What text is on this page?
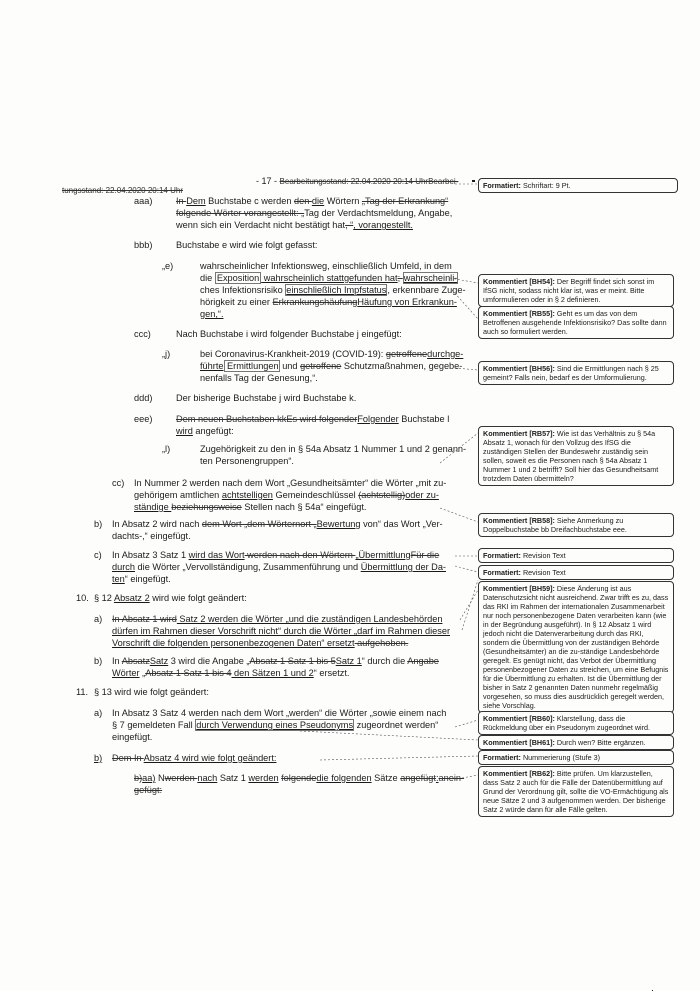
- 17 - Bearbeitungsstand: 22.04.2020 20:14 UhrBearbei-
tungsstand: 22.04.2020 20:14 Uhr
aaa)	In Dem Buchstabe c werden den die Wörtern „Tag der Erkrankung“
folgende Wörter vorangestellt: „Tag der Verdachtsmeldung, Angabe,
wenn sich ein Verdacht nicht bestätigt hat, “, vorangestellt.
bbb)	Buchstabe e wird wie folgt gefasst:
„e)	wahrscheinlicher Infektionsweg, einschließlich Umfeld, in dem
die Exposition wahrscheinlich stattgefunden hat; wahrscheinli-
ches Infektionsrisiko einschließlich Impfstatus, erkennbare Zuge-
hörigkeit zu einer ErkrankungshäufungHäufung von Erkrankun-
gen,“.
ccc)	Nach Buchstabe i wird folgender Buchstabe j eingefügt:
„j)	bei Coronavirus-Krankheit-2019 (COVID-19): getroffenedurchge-
führte Ermittlungen und getroffene Schutzmaßnahmen, gegebe-
nenfalls Tag der Genesung,“.
ddd)	Der bisherige Buchstabe j wird Buchstabe k.
eee)	Dem neuen Buchstaben kkEs wird folgenderFolgender Buchstabe l
wird angefügt:
„l)	Zugehörigkeit zu den in § 54a Absatz 1 Nummer 1 und 2 genann-
ten Personengruppen“.
cc) In Nummer 2 werden nach dem Wort „Gesundheitsämter“ die Wörter „mit zu-
gehörigem amtlichen achtstelligen Gemeindeschlüssel (achtstellig)oder zu-
ständige beziehungsweise Stellen nach § 54a“ eingefügt.
b) In Absatz 2 wird nach dem Wort „dem Wörternort „Bewertung von“ das Wort „Ver-
dachts-,“ eingefügt.
c) In Absatz 3 Satz 1 wird das Wort werden nach den Wörtern „ÜbermittlungFür die
durch die Wörter „Vervollständigung, Zusammenführung und Übermittlung der Da-
ten“ eingefügt.
10. § 12 Absatz 2 wird wie folgt geändert:
a) In Absatz 1 wird Satz 2 werden die Wörter „und die zuständigen Landesbehörden
dürfen im Rahmen dieser Vorschrift nicht“ durch die Wörter „darf im Rahmen dieser
Vorschrift die folgenden personenbezogenen Daten“ ersetzt aufgehoben.
b) In AbsatzSatz 3 wird die Angabe „Absatz 1 Satz 1 bis 5Satz 1“ durch die Angabe
Wörter „Absatz 1 Satz 1 bis 4 den Sätzen 1 und 2“ ersetzt.
11. § 13 wird wie folgt geändert:
a) In Absatz 3 Satz 4 werden nach dem Wort „werden“ die Wörter „sowie einem nach
§ 7 gemeldeten Fall durch Verwendung eines Pseudonyms zugeordnet werden“
eingefügt.
b) Dem In Absatz 4 wird wie folgt geändert:
b)aa) Nwerden nach Satz 1 werden folgendedie folgenden Sätze angefügt:anein-
gefügt:
Formatiert: Schriftart: 9 Pt.
Kommentiert [BH54]: Der Begriff findet sich sonst im IfSG nicht, sodass nicht klar ist, was er meint. Bitte umformulieren oder in § 2 definieren.
Kommentiert [RB55]: Geht es um das von dem Betroffenen ausgehende Infektionsrisiko? Das sollte dann auch so formuliert werden.
Kommentiert [BH56]: Sind die Ermittlungen nach § 25 gemeint? Falls nein, bedarf es der Umformulierung.
Kommentiert [RB57]: Wie ist das Verhältnis zu § 54a Absatz 1, wonach für den Vollzug des IfSG die zuständigen Stellen der Bundeswehr zuständig sein sollen, soweit es die Personen nach § 54a Absatz 1 Nummer 1 und 2 betrifft? Soll hier das Gesundheitsamt trotzdem Daten übermitteln?
Kommentiert [RB58]: Siehe Anmerkung zu Doppelbuchstabe bb Dreifachbuchstabe eee.
Formatiert: Revision Text
Formatiert: Revision Text
Kommentiert [BH59]: Diese Änderung ist aus Datenschutzsicht nicht ausreichend. Zwar trifft es zu, dass das RKI im Rahmen der internationalen Zusammenarbeit nur noch personenbezogene Daten verarbeiten kann (wie in der Begründung ausgeführt). In § 12 Absatz 1 wird jedoch nicht die Datenverarbeitung durch das RKI, sondern die Übermittlung von der zuständigen Behörde (Gesundheitsämter) an die zu-ständige Landesbehörde geregelt. Es genügt nicht, das Verbot der Übermittlung personenbezogener Daten zu streichen, um eine Befugnis für die Übermittlung zu erhalten. Ist die Übermittlung der bisher in Satz 2 genannten Daten nunmehr regelmäßig vorgesehen, so muss dies ausdrücklich geregelt werden, siehe Vorschlag.
Kommentiert [RB60]: Klarstellung, dass die Rückmeldung über ein Pseudonym zugeordnet wird.
Kommentiert [BH61]: Durch wen? Bitte ergänzen.
Formatiert: Nummerierung (Stufe 3)
Kommentiert [RB62]: Bitte prüfen. Um klarzustellen, dass Satz 2 auch für die Fälle der Datenübermittlung auf Grund der Verordnung gilt, sollte die VO-Ermächtigung als neue Sätze 2 und 3 aufgenommen werden. Der bisherige Satz 2 würde dann für alle Fälle gelten.
